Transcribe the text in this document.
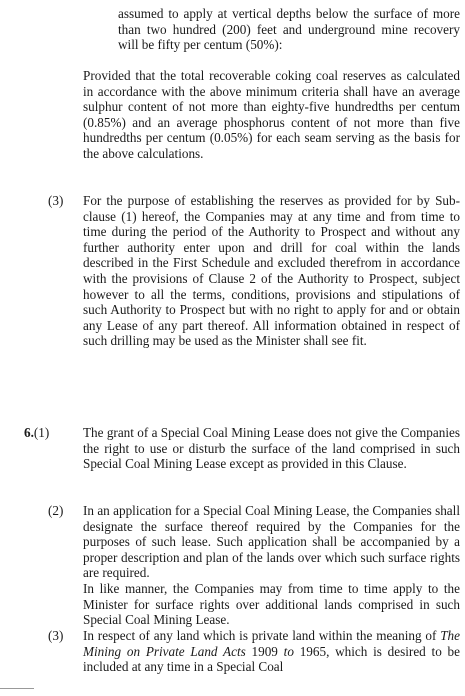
assumed to apply at vertical depths below the surface of more than two hundred (200) feet and underground mine recovery will be fifty per centum (50%):

Provided that the total recoverable coking coal reserves as calculated in accordance with the above minimum criteria shall have an average sulphur content of not more than eighty-five hundredths per centum (0.85%) and an average phosphorus content of not more than five hundredths per centum (0.05%) for each seam serving as the basis for the above calculations.

(3) For the purpose of establishing the reserves as provided for by Sub-clause (1) hereof, the Companies may at any time and from time to time during the period of the Authority to Prospect and without any further authority enter upon and drill for coal within the lands described in the First Schedule and excluded therefrom in accordance with the provisions of Clause 2 of the Authority to Prospect, subject however to all the terms, conditions, provisions and stipulations of such Authority to Prospect but with no right to apply for and or obtain any Lease of any part thereof. All information obtained in respect of such drilling may be used as the Minister shall see fit.

6.(1)	The grant of a Special Coal Mining Lease does not give the Companies the right to use or disturb the surface of the land comprised in such Special Coal Mining Lease except as provided in this Clause.

(2) In an application for a Special Coal Mining Lease, the Companies shall designate the surface thereof required by the Companies for the purposes of such lease. Such application shall be accompanied by a proper description and plan of the lands over which such surface rights are required.

In like manner, the Companies may from time to time apply to the Minister for surface rights over additional lands comprised in such Special Coal Mining Lease.

(3) In respect of any land which is private land within the meaning of The Mining on Private Land Acts 1909 to 1965, which is desired to be included at any time in a Special Coal
